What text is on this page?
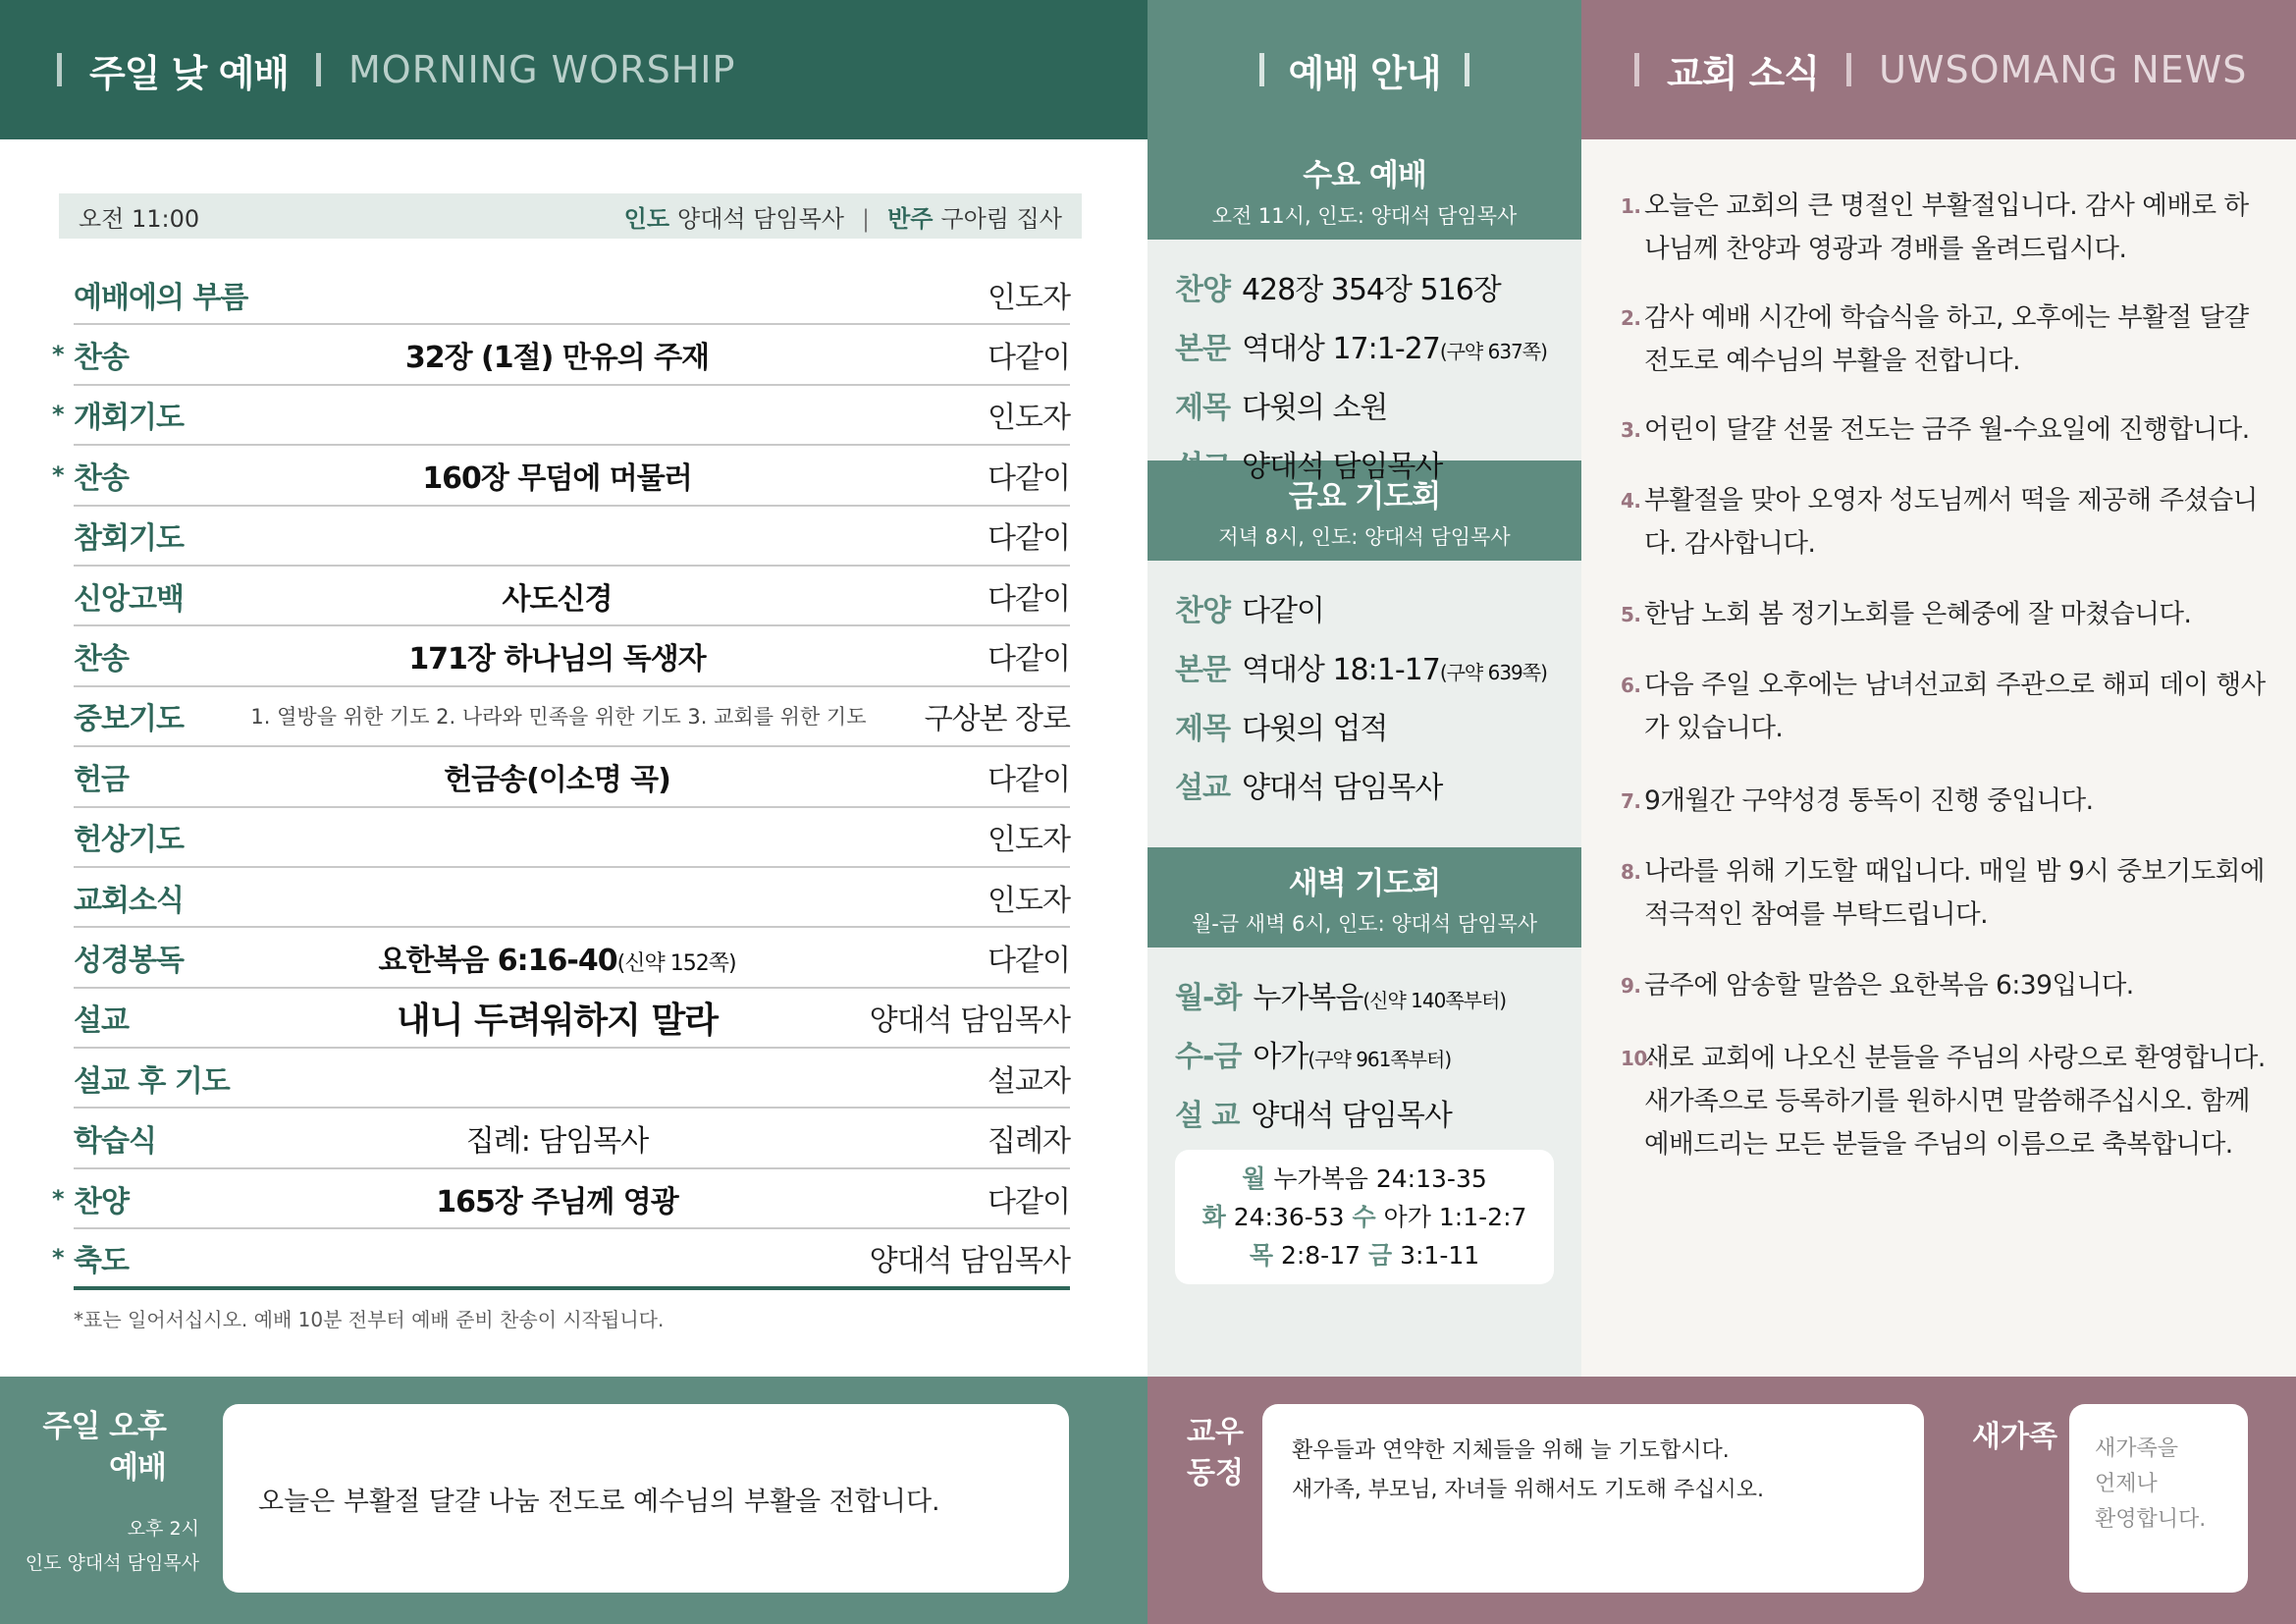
주일 낮 예배 MORNING WORSHIP	예배 안내	교회 소식 UWSOMANG NEWS
오전 11:00	인도 양대석 담임목사 | 반주 구아림 집사
예배에의 부름	인도자
* 찬송	32장 (1절) 만유의 주재	다같이
* 개회기도	인도자
* 찬송	160장 무덤에 머물러	다같이
참회기도	다같이
신앙고백	사도신경	다같이
찬송	171장 하나님의 독생자	다같이
중보기도	1. 열방을 위한 기도 2. 나라와 민족을 위한 기도 3. 교회를 위한 기도	구상본 장로
헌금	헌금송(이소명 곡)	다같이
헌상기도	인도자
교회소식	인도자
성경봉독	요한복음 6:16-40(신약 152쪽)	다같이
설교	내니 두려워하지 말라	양대석 담임목사
설교 후 기도	설교자
학습식	집례: 담임목사	집례자
* 찬양	165장 주님께 영광	다같이
* 축도	양대석 담임목사
*표는 일어서십시오. 예배 10분 전부터 예배 준비 찬송이 시작됩니다.
수요 예배
오전 11시, 인도: 양대석 담임목사
찬양 428장 354장 516장
본문 역대상 17:1-27(구약 637쪽)
제목 다윗의 소원
설교 양대석 담임목사
금요 기도회
저녁 8시, 인도: 양대석 담임목사
찬양 다같이
본문 역대상 18:1-17(구약 639쪽)
제목 다윗의 업적
설교 양대석 담임목사
새벽 기도회
월-금 새벽 6시, 인도: 양대석 담임목사
월-화 누가복음(신약 140쪽부터)
수-금 아가(구약 961쪽부터)
설 교 양대석 담임목사
월 누가복음 24:13-35
화 24:36-53 수 아가 1:1-2:7
목 2:8-17 금 3:1-11
1. 오늘은 교회의 큰 명절인 부활절입니다. 감사 예배로 하나님께 찬양과 영광과 경배를 올려드립시다.
2. 감사 예배 시간에 학습식을 하고, 오후에는 부활절 달걀 전도로 예수님의 부활을 전합니다.
3. 어린이 달걀 선물 전도는 금주 월-수요일에 진행합니다.
4. 부활절을 맞아 오영자 성도님께서 떡을 제공해 주셨습니다. 감사합니다.
5. 한남 노회 봄 정기노회를 은혜중에 잘 마쳤습니다.
6. 다음 주일 오후에는 남녀선교회 주관으로 해피 데이 행사가 있습니다.
7. 9개월간 구약성경 통독이 진행 중입니다.
8. 나라를 위해 기도할 때입니다. 매일 밤 9시 중보기도회에 적극적인 참여를 부탁드립니다.
9. 금주에 암송할 말씀은 요한복음 6:39입니다.
10.
새로 교회에 나오신 분들을 주님의 사랑으로 환영합니다. 새가족으로 등록하기를 원하시면 말씀해주십시오. 함께 예배드리는 모든 분들을 주님의 이름으로 축복합니다.
주일 오후
예배
오후 2시
인도 양대석 담임목사
오늘은 부활절 달걀 나눔 전도로 예수님의 부활을 전합니다.
교우
동정
환우들과 연약한 지체들을 위해 늘 기도합시다.
새가족, 부모님, 자녀들 위해서도 기도해 주십시오.
새가족 새가족을
언제나
환영합니다.
